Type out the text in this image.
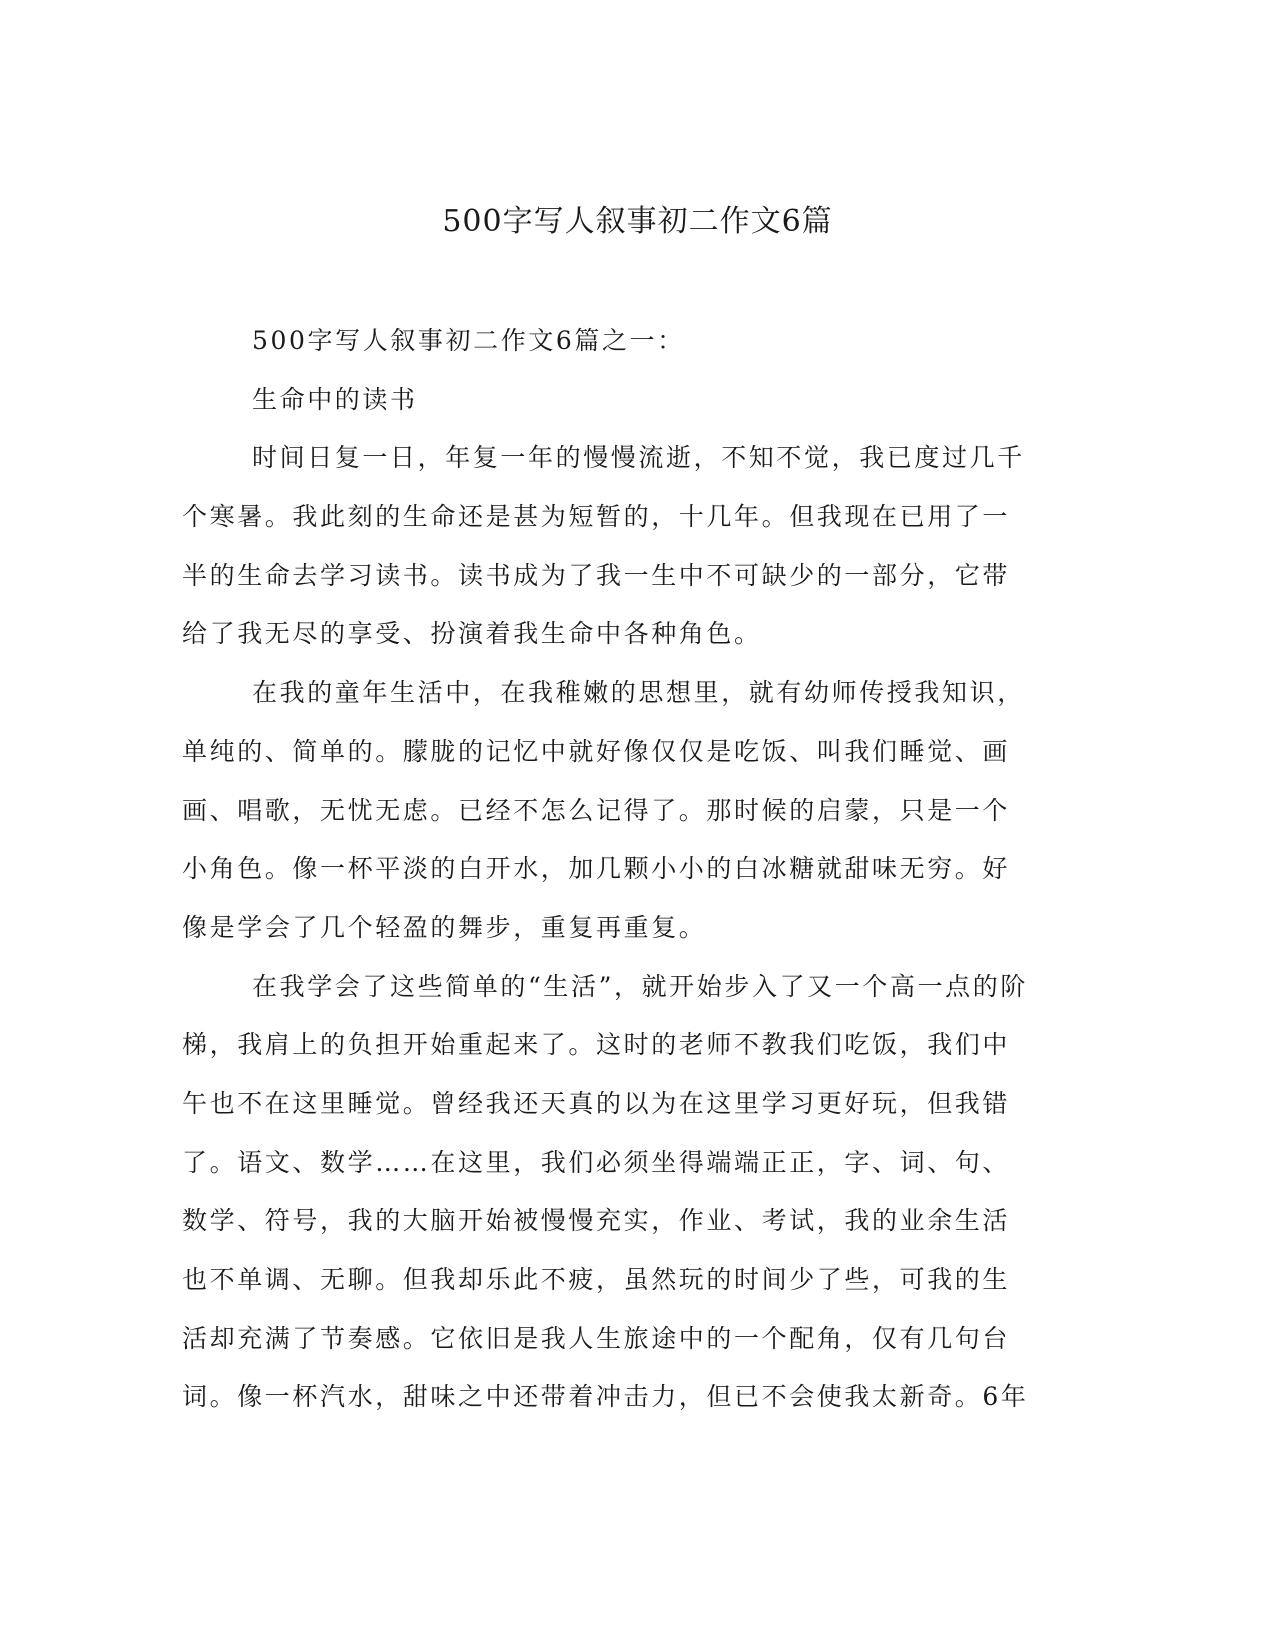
500字写人叙事初二作文6篇
500字写人叙事初二作文6篇之一：
生命中的读书
时间日复一日，年复一年的慢慢流逝，不知不觉，我已度过几千
个寒暑。我此刻的生命还是甚为短暂的，十几年。但我现在已用了一
半的生命去学习读书。读书成为了我一生中不可缺少的一部分，它带
给了我无尽的享受、扮演着我生命中各种角色。
在我的童年生活中，在我稚嫩的思想里，就有幼师传授我知识，
单纯的、简单的。朦胧的记忆中就好像仅仅是吃饭、叫我们睡觉、画
画、唱歌，无忧无虑。已经不怎么记得了。那时候的启蒙，只是一个
小角色。像一杯平淡的白开水，加几颗小小的白冰糖就甜味无穷。好
像是学会了几个轻盈的舞步，重复再重复。
在我学会了这些简单的“生活”，就开始步入了又一个高一点的阶
梯，我肩上的负担开始重起来了。这时的老师不教我们吃饭，我们中
午也不在这里睡觉。曾经我还天真的以为在这里学习更好玩，但我错
了。语文、数学……在这里，我们必须坐得端端正正，字、词、句、
数学、符号，我的大脑开始被慢慢充实，作业、考试，我的业余生活
也不单调、无聊。但我却乐此不疲，虽然玩的时间少了些，可我的生
活却充满了节奏感。它依旧是我人生旅途中的一个配角，仅有几句台
词。像一杯汽水，甜味之中还带着冲击力，但已不会使我太新奇。6年
